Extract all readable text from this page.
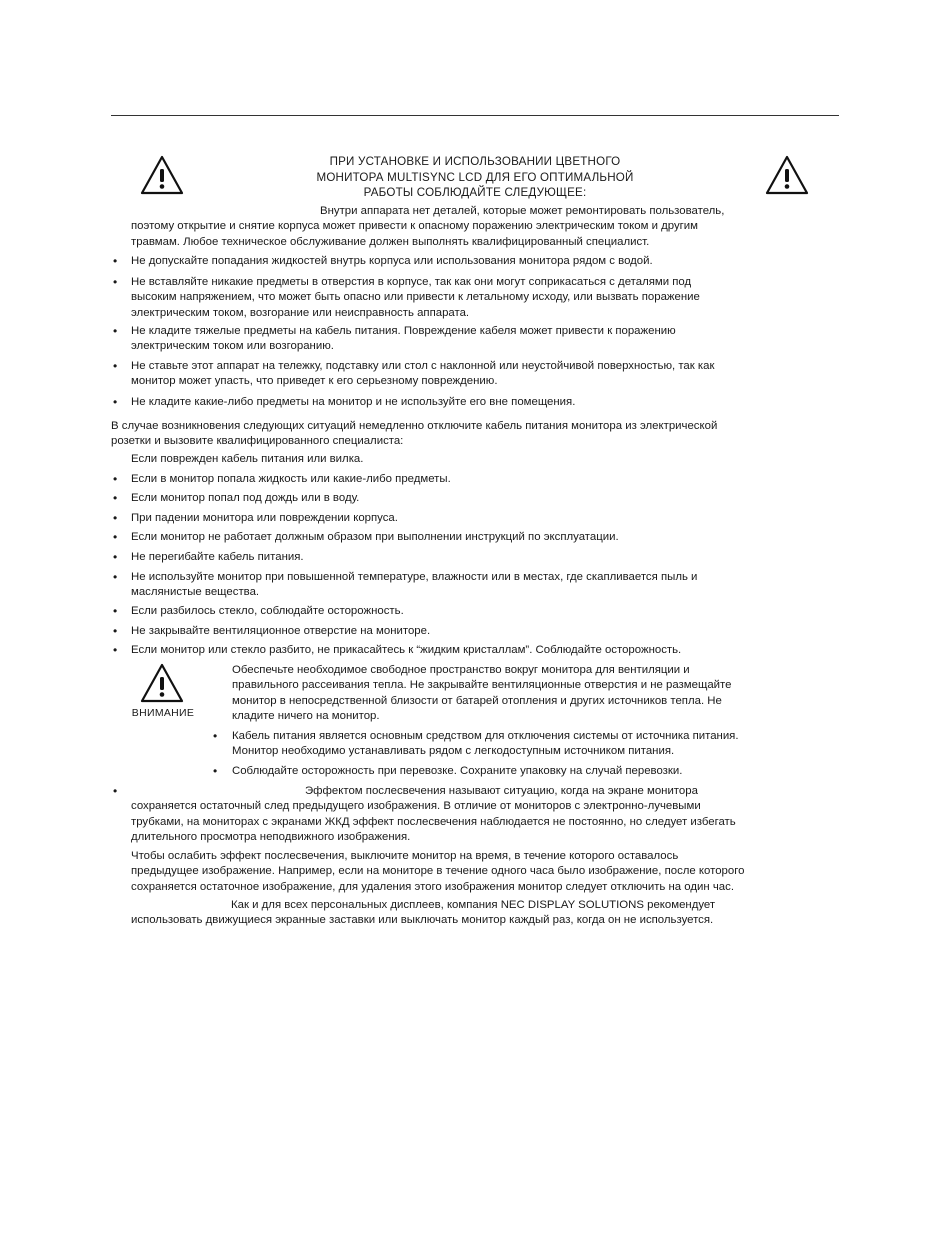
ПРИ УСТАНОВКЕ И ИСПОЛЬЗОВАНИИ ЦВЕТНОГО
МОНИТОРА MULTISYNC LCD ДЛЯ ЕГО ОПТИМАЛЬНОЙ
РАБОТЫ СОБЛЮДАЙТЕ СЛЕДУЮЩЕЕ:
Внутри аппарата нет деталей, которые может ремонтировать пользователь,
поэтому открытие и снятие корпуса может привести к опасному поражению электрическим током и другим
травмам. Любое техническое обслуживание должен выполнять квалифицированный специалист.
• Не допускайте попадания жидкостей внутрь корпуса или использования монитора рядом с водой.
• Не вставляйте никакие предметы в отверстия в корпусе, так как они могут соприкасаться с деталями под
высоким напряжением, что может быть опасно или привести к летальному исходу, или вызвать поражение
электрическим током, возгорание или неисправность аппарата.
• Не кладите тяжелые предметы на кабель питания. Повреждение кабеля может привести к поражению
электрическим током или возгоранию.
• Не ставьте этот аппарат на тележку, подставку или стол с наклонной или неустойчивой поверхностью, так как
монитор может упасть, что приведет к его серьезному повреждению.
• Не кладите какие-либо предметы на монитор и не используйте его вне помещения.
В случае возникновения следующих ситуаций немедленно отключите кабель питания монитора из электрической
розетки и вызовите квалифицированного специалиста:
Если поврежден кабель питания или вилка.
• Если в монитор попала жидкость или какие-либо предметы.
• Если монитор попал под дождь или в воду.
• При падении монитора или повреждении корпуса.
• Если монитор не работает должным образом при выполнении инструкций по эксплуатации.
• Не перегибайте кабель питания.
• Не используйте монитор при повышенной температуре, влажности или в местах, где скапливается пыль и
маслянистые вещества.
• Если разбилось стекло, соблюдайте осторожность.
• Не закрывайте вентиляционное отверстие на мониторе.
• Если монитор или стекло разбито, не прикасайтесь к “жидким кристаллам”. Соблюдайте осторожность.
ВНИМАНИЕ
Обеспечьте необходимое свободное пространство вокруг монитора для вентиляции и
правильного рассеивания тепла. Не закрывайте вентиляционные отверстия и не размещайте
монитор в непосредственной близости от батарей отопления и других источников тепла. Не
кладите ничего на монитор.
• Кабель питания является основным средством для отключения системы от источника питания.
Монитор необходимо устанавливать рядом с легкодоступным источником питания.
• Соблюдайте осторожность при перевозке. Сохраните упаковку на случай перевозки.
•	Эффектом послесвечения называют ситуацию, когда на экране монитора
сохраняется остаточный след предыдущего изображения. В отличие от мониторов с электронно-лучевыми
трубками, на мониторах с экранами ЖКД эффект послесвечения наблюдается не постоянно, но следует избегать
длительного просмотра неподвижного изображения.
Чтобы ослабить эффект послесвечения, выключите монитор на время, в течение которого оставалось
предыдущее изображение. Например, если на мониторе в течение одного часа было изображение, после которого
сохраняется остаточное изображение, для удаления этого изображения монитор следует отключить на один час.
Как и для всех персональных дисплеев, компания NEC DISPLAY SOLUTIONS рекомендует
использовать движущиеся экранные заставки или выключать монитор каждый раз, когда он не используется.
